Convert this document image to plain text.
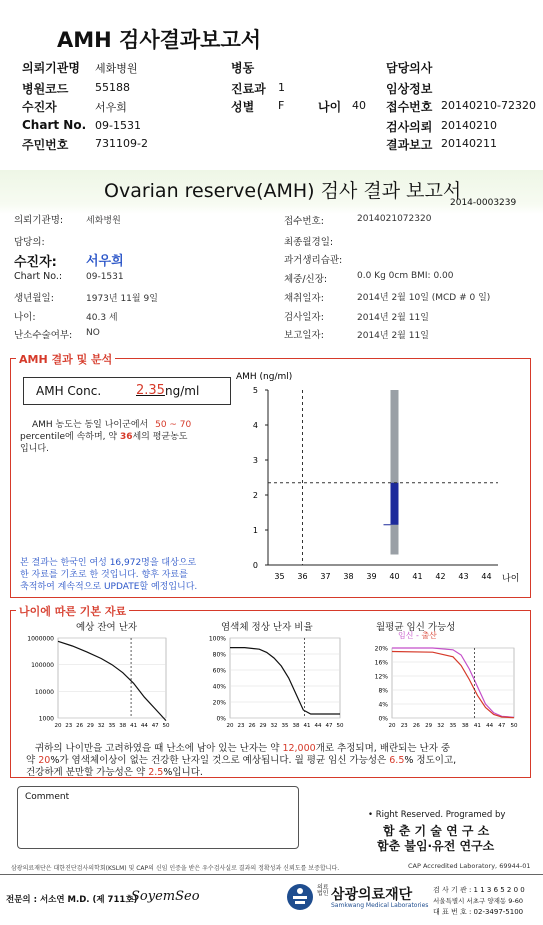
AMH 검사결과보고서
의뢰기관명 세화병원	병동	담당의사
병원코드 55188	진료과 1	임상정보
수진자	서우희	성별 F	나이 40 접수번호 20140210-72320
Chart No. 09-1531	검사의뢰 20140210
주민번호 731109-2	결과보고 20140211
Ovarian reserve(AMH) 검사 결과 보고서
2014-0003239
의뢰기관명:	세화병원
담당의:
수진자: 서우희
Chart No.:	09-1531
생년월일:	1973년 11월 9일
나이:	40.3 세
난소수술여부: NO
접수번호:	2014021072320
최종월경일:
과거생리습관:
체중/신장:	0.0 Kg 0cm BMI: 0.00
채취일자:	2014년 2월 10일 (MCD # 0 일)
검사일자:	2014년 2월 11일
보고일자:	2014년 2월 11일
AMH 결과 및 분석
AMH Conc.	2.35 ng/ml
AMH 농도는 동일 나이군에서 50 ~ 70
percentile에 속하며, 약 36세의 평균농도
입니다.
본 결과는 한국인 여성 16,972명을 대상으로
한 자료를 기초로 한 것입니다. 향후 자료를
축적하여 계속적으로 UPDATE할 예정입니다.
AMH (ng/ml)
0
1
2
3
4
5
35 36 37 38 39 40 41 42 43 44 나이
나이에 따른 기본 자료
예상 잔여 난자	염색체 정상 난자 비율	월평균 임신 가능성
임신 - 출산
1000
10000
100000
1000000
20 23 26 29 32 35 38 41 44 47 50
0%
20%
40%
60%
80%
100%
20 23 26 29 32 35 38 41 44 47 50
0%
4%
8%
12%
16%
20%
20 23 26 29 32 35 38 41 44 47 50
귀하의 나이만을 고려하였을 때 난소에 남아 있는 난자는 약 12,000개로 추정되며, 배란되는 난자 중
약 20%가 염색체이상이 없는 건강한 난자일 것으로 예상됩니다. 월 평균 임신 가능성은 6.5% 정도이고,
건강하게 분만할 가능성은 약 2.5%입니다.
Comment
• Right Reserved. Programed by
함 춘 기 술 연 구 소
함춘 불임·유전 연구소
삼광의료재단은 대한진단검사의학회(KSLM) 및 CAP의 신임 인증을 받은 우수검사실로 결과의 정확성과 신뢰도를 보증합니다.	CAP Accredited Laboratory, 69944-01
전문의 : 서소연 M.D. (제 711호)
SoyemSeo
의료법인 삼광의료재단
Samkwang Medical Laboratories
검 사 기 관 : 1 1 3 6 5 2 0 0
서울특별시 서초구 양재동 9-60
대 표 번 호 : 02-3497-5100
